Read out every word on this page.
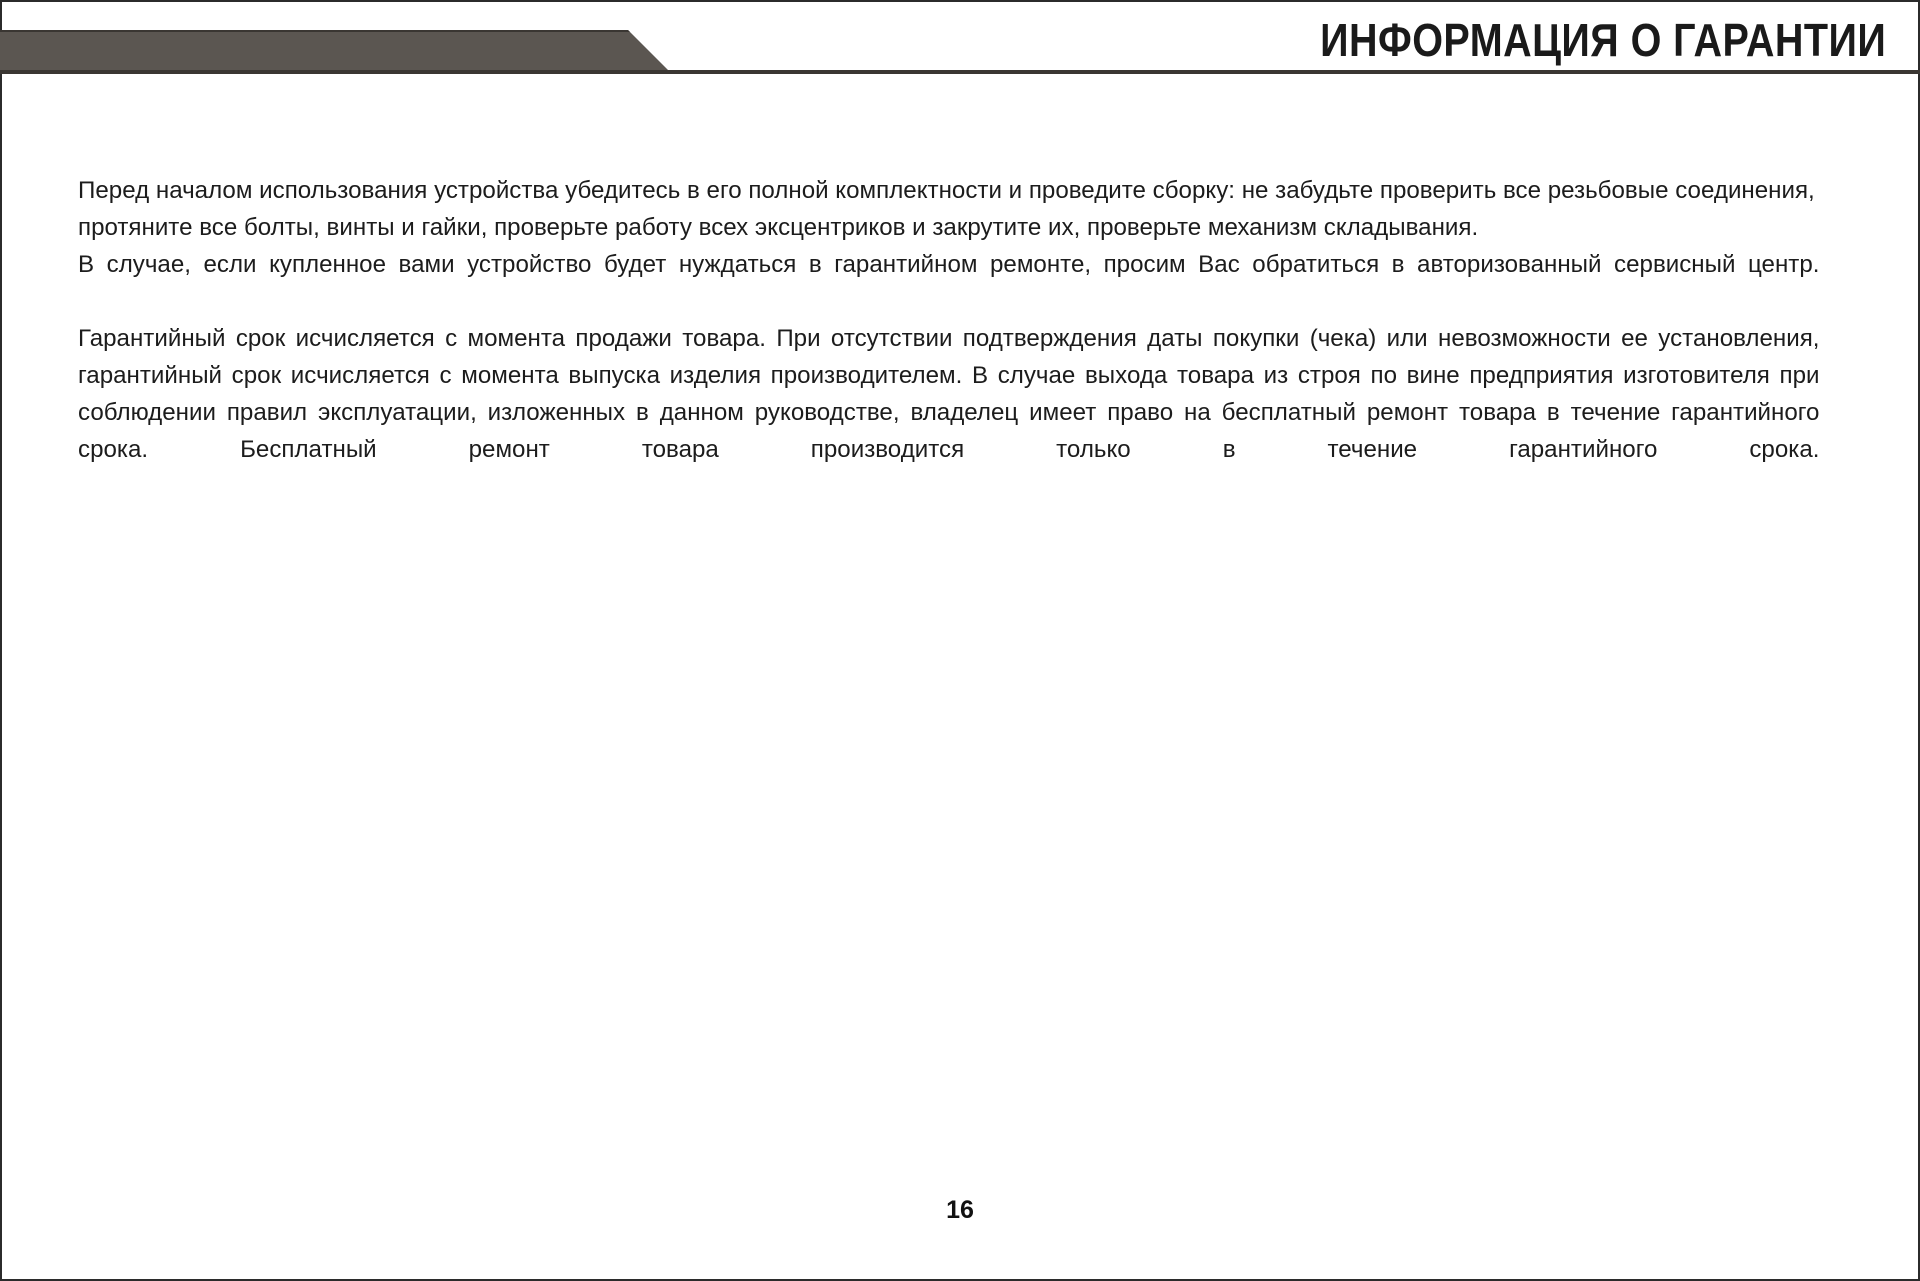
ИНФОРМАЦИЯ О ГАРАНТИИ

Перед началом использования устройства убедитесь в его полной комплектности и проведите сборку: не забудьте проверить все резьбовые соединения, протяните все болты, винты и гайки, проверьте работу всех эксцентриков и закрутите их, проверьте механизм складывания.

В случае, если купленное вами устройство будет нуждаться в гарантийном ремонте, просим Вас обратиться в авторизованный сервисный центр.

Гарантийный срок исчисляется с момента продажи товара. При отсутствии подтверждения даты покупки (чека) или невозможности ее установления, гарантийный срок исчисляется с момента выпуска изделия производителем. В случае выхода товара из строя по вине предприятия изготовителя при соблюдении правил эксплуатации, изложенных в данном руководстве, владелец имеет право на бесплатный ремонт товара в течение гарантийного срока. Бесплатный ремонт товара производится только в течение гарантийного срока.

16
